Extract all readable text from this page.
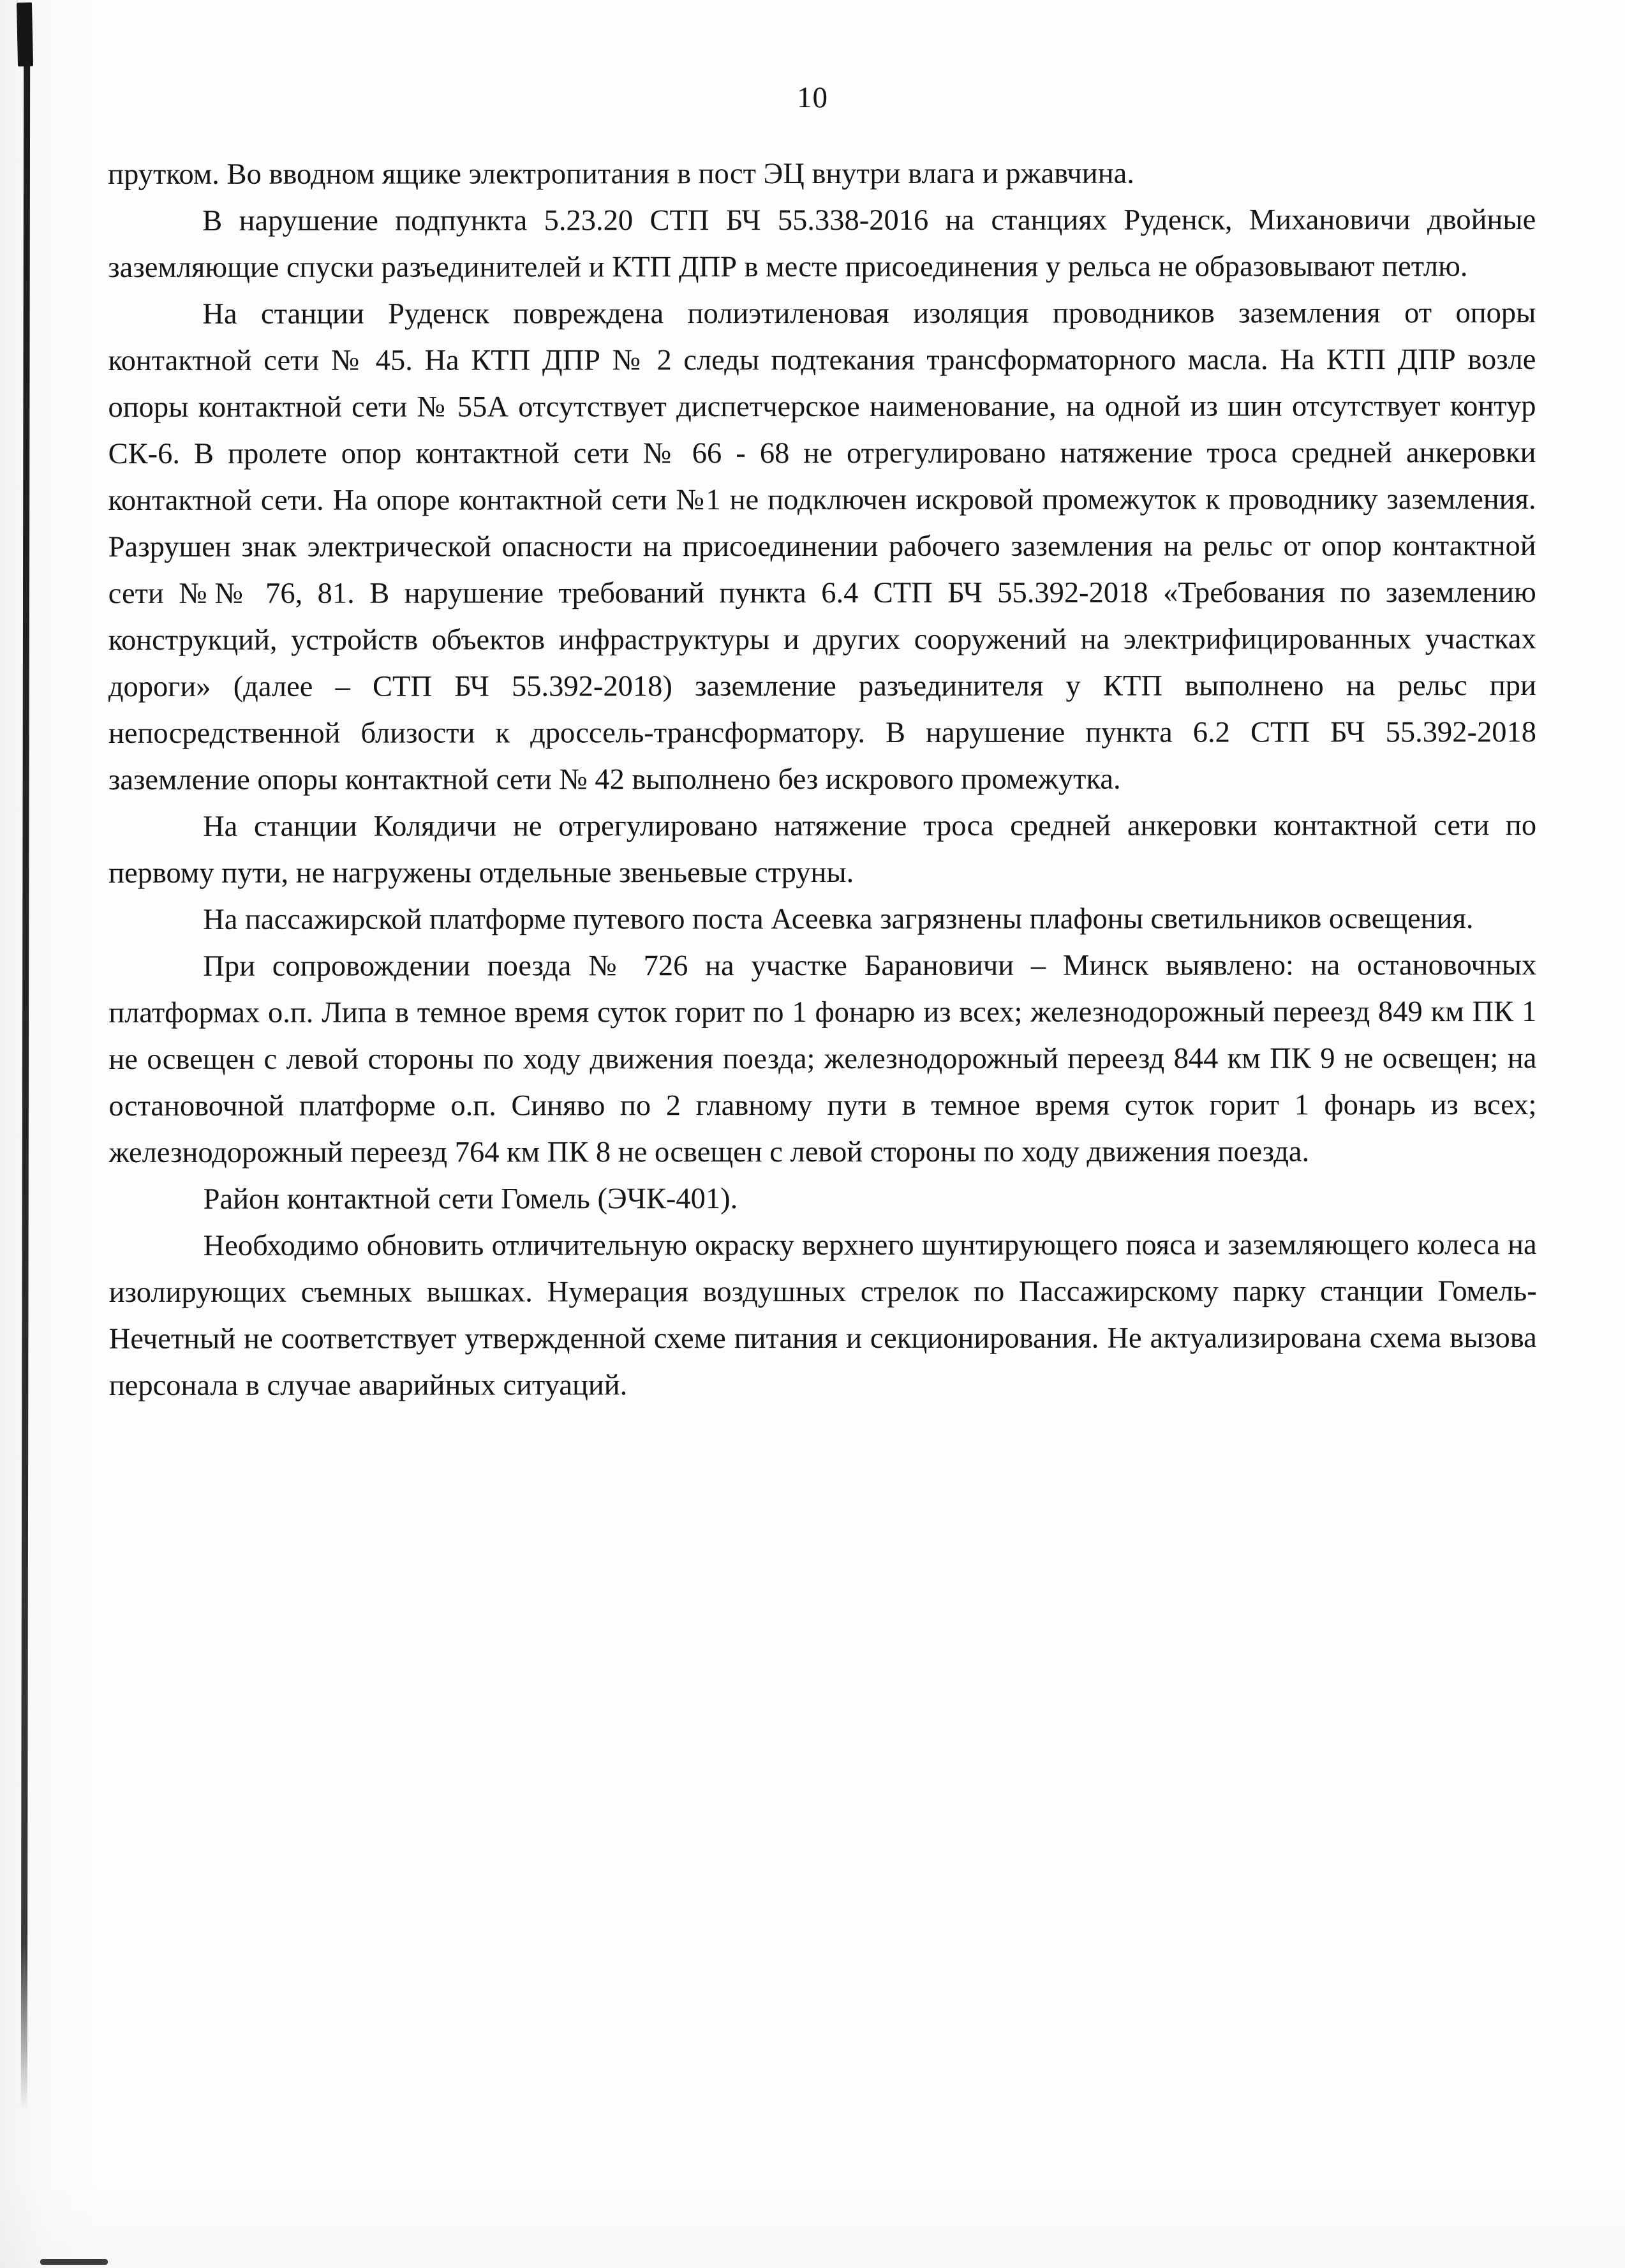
10

прутком. Во вводном ящике электропитания в пост ЭЦ внутри влага и ржавчина.

В нарушение подпункта 5.23.20 СТП БЧ 55.338-2016 на станциях Руденск, Михановичи двойные заземляющие спуски разъединителей и КТП ДПР в месте присоединения у рельса не образовывают петлю.

На станции Руденск повреждена полиэтиленовая изоляция проводников заземления от опоры контактной сети № 45. На КТП ДПР № 2 следы подтекания трансформаторного масла. На КТП ДПР возле опоры контактной сети № 55А отсутствует диспетчерское наименование, на одной из шин отсутствует контур СК-6. В пролете опор контактной сети № 66 - 68 не отрегулировано натяжение троса средней анкеровки контактной сети. На опоре контактной сети №1 не подключен искровой промежуток к проводнику заземления. Разрушен знак электрической опасности на присоединении рабочего заземления на рельс от опор контактной сети №№ 76, 81. В нарушение требований пункта 6.4 СТП БЧ 55.392-2018 «Требования по заземлению конструкций, устройств объектов инфраструктуры и других сооружений на электрифицированных участках дороги» (далее – СТП БЧ 55.392-2018) заземление разъединителя у КТП выполнено на рельс при непосредственной близости к дроссель-трансформатору. В нарушение пункта 6.2 СТП БЧ 55.392-2018 заземление опоры контактной сети № 42 выполнено без искрового промежутка.

На станции Колядичи не отрегулировано натяжение троса средней анкеровки контактной сети по первому пути, не нагружены отдельные звеньевые струны.

На пассажирской платформе путевого поста Асеевка загрязнены плафоны светильников освещения.

При сопровождении поезда № 726 на участке Барановичи – Минск выявлено: на остановочных платформах о.п. Липа в темное время суток горит по 1 фонарю из всех; железнодорожный переезд 849 км ПК 1 не освещен с левой стороны по ходу движения поезда; железнодорожный переезд 844 км ПК 9 не освещен; на остановочной платформе о.п. Синяво по 2 главному пути в темное время суток горит 1 фонарь из всех; железнодорожный переезд 764 км ПК 8 не освещен с левой стороны по ходу движения поезда.

Район контактной сети Гомель (ЭЧК-401).

Необходимо обновить отличительную окраску верхнего шунтирующего пояса и заземляющего колеса на изолирующих съемных вышках. Нумерация воздушных стрелок по Пассажирскому парку станции Гомель-Нечетный не соответствует утвержденной схеме питания и секционирования. Не актуализирована схема вызова персонала в случае аварийных ситуаций.
